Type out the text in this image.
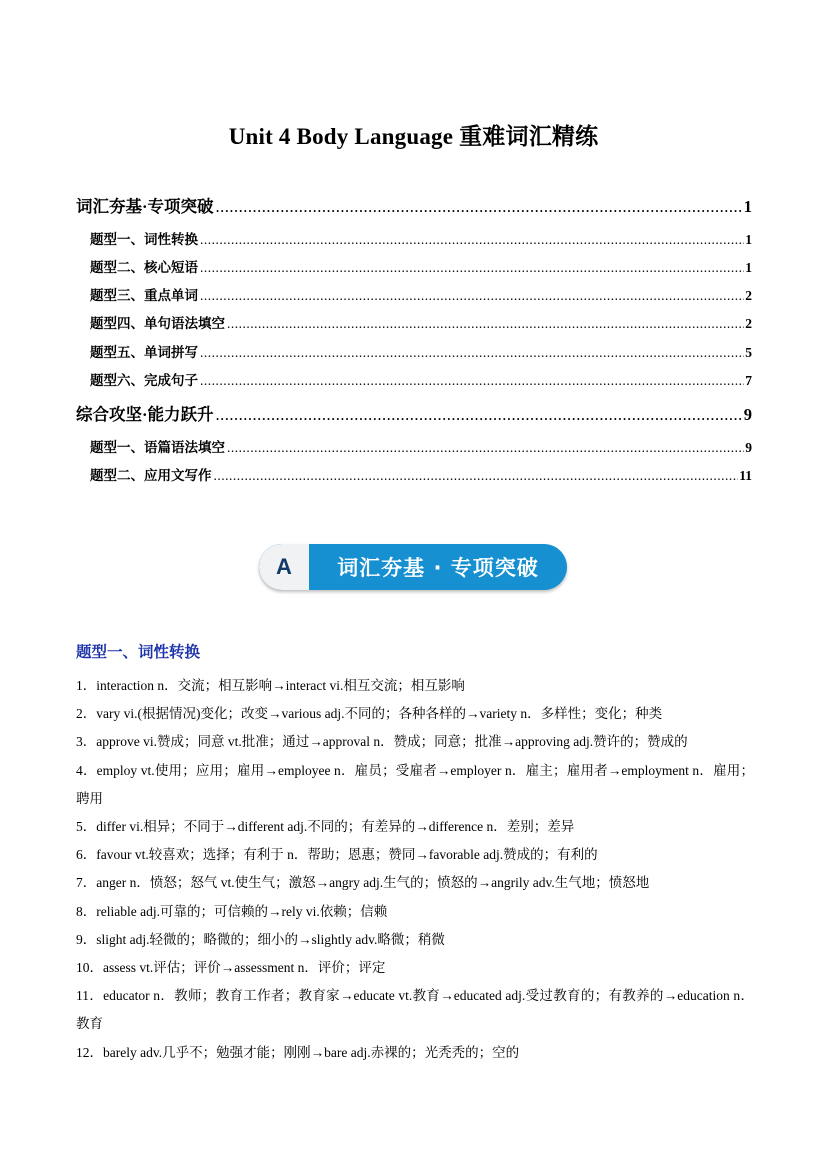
Unit 4 Body Language 重难词汇精练
词汇夯基·专项突破 .....	1
题型一、词性转换 .....	1
题型二、核心短语 .....	1
题型三、重点单词 .....	2
题型四、单句语法填空 .....	2
题型五、单词拼写 .....	5
题型六、完成句子 .....	7
综合攻坚·能力跃升 .....	9
题型一、语篇语法填空 .....	9
题型二、应用文写作 .....	11
A	词汇夯基 · 专项突破
题型一、词性转换

1．interaction n．交流；相互影响→interact vi.相互交流；相互影响

2．vary vi.(根据情况)变化；改变→various adj.不同的；各种各样的→variety n．多样性；变化；种类

3．approve vi.赞成；同意 vt.批准；通过→approval n．赞成；同意；批准→approving adj.赞许的；赞成的

4．employ vt.使用；应用；雇用→employee n．雇员；受雇者→employer n．雇主；雇用者→employment n．雇用；聘用

5．differ vi.相异；不同于→different adj.不同的；有差异的→difference n．差别；差异

6．favour vt.较喜欢；选择；有利于 n．帮助；恩惠；赞同→favorable adj.赞成的；有利的

7．anger n．愤怒；怒气 vt.使生气；激怒→angry adj.生气的；愤怒的→angrily adv.生气地；愤怒地

8．reliable adj.可靠的；可信赖的→rely vi.依赖；信赖

9．slight adj.轻微的；略微的；细小的→slightly adv.略微；稍微

10．assess vt.评估；评价→assessment n．评价；评定

11．educator n．教师；教育工作者；教育家→educate vt.教育→educated adj.受过教育的；有教养的→education n．教育

12．barely adv.几乎不；勉强才能；刚刚→bare adj.赤裸的；光秃秃的；空的
